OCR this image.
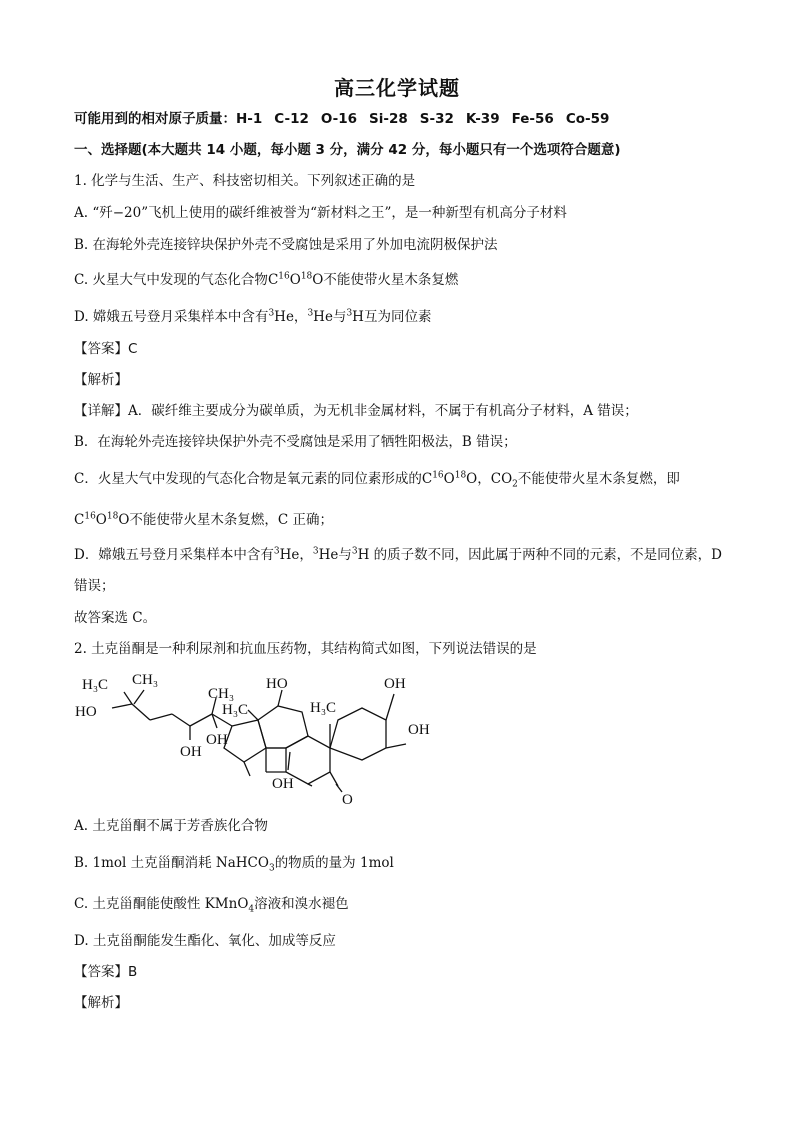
高三化学试题
可能用到的相对原子质量：H-1 C-12 O-16 Si-28 S-32 K-39 Fe-56 Co-59
一、选择题(本大题共 14 小题，每小题 3 分，满分 42 分，每小题只有一个选项符合题意)
1. 化学与生活、生产、科技密切相关。下列叙述正确的是
A. “歼−20”飞机上使用的碳纤维被誉为“新材料之王”，是一种新型有机高分子材料
B. 在海轮外壳连接锌块保护外壳不受腐蚀是采用了外加电流阴极保护法
C. 火星大气中发现的气态化合物$C^{16}O^{18}O$不能使带火星木条复燃
D. 嫦娥五号登月采集样本中含有$^3$He，$^3$He与$^3$H互为同位素
【答案】C
【解析】
【详解】A．碳纤维主要成分为碳单质，为无机非金属材料，不属于有机高分子材料，A 错误；
B．在海轮外壳连接锌块保护外壳不受腐蚀是采用了牺牲阳极法，B 错误；
C．火星大气中发现的气态化合物是氧元素的同位素形成的$C^{16}O^{18}O$，$CO_2$不能使带火星木条复燃，即
$C^{16}O^{18}O$不能使带火星木条复燃，C 正确；
D．嫦娥五号登月采集样本中含有$^3$He，$^3$He与$^3$H 的质子数不同，因此属于两种不同的元素，不是同位素，D
错误；
故答案选 C。
2. 土克甾酮是一种利尿剂和抗血压药物，其结构简式如图，下列说法错误的是
H₃C CH₃
HO
OH
CH₃
H₃C
OH
HO
H₃C
OH
OH
OH
O
A. 土克甾酮不属于芳香族化合物
B. 1mol 土克甾酮消耗 NaHCO$_3$的物质的量为 1mol
C. 土克甾酮能使酸性 KMnO$_4$溶液和溴水褪色
D. 土克甾酮能发生酯化、氧化、加成等反应
【答案】B
【解析】
